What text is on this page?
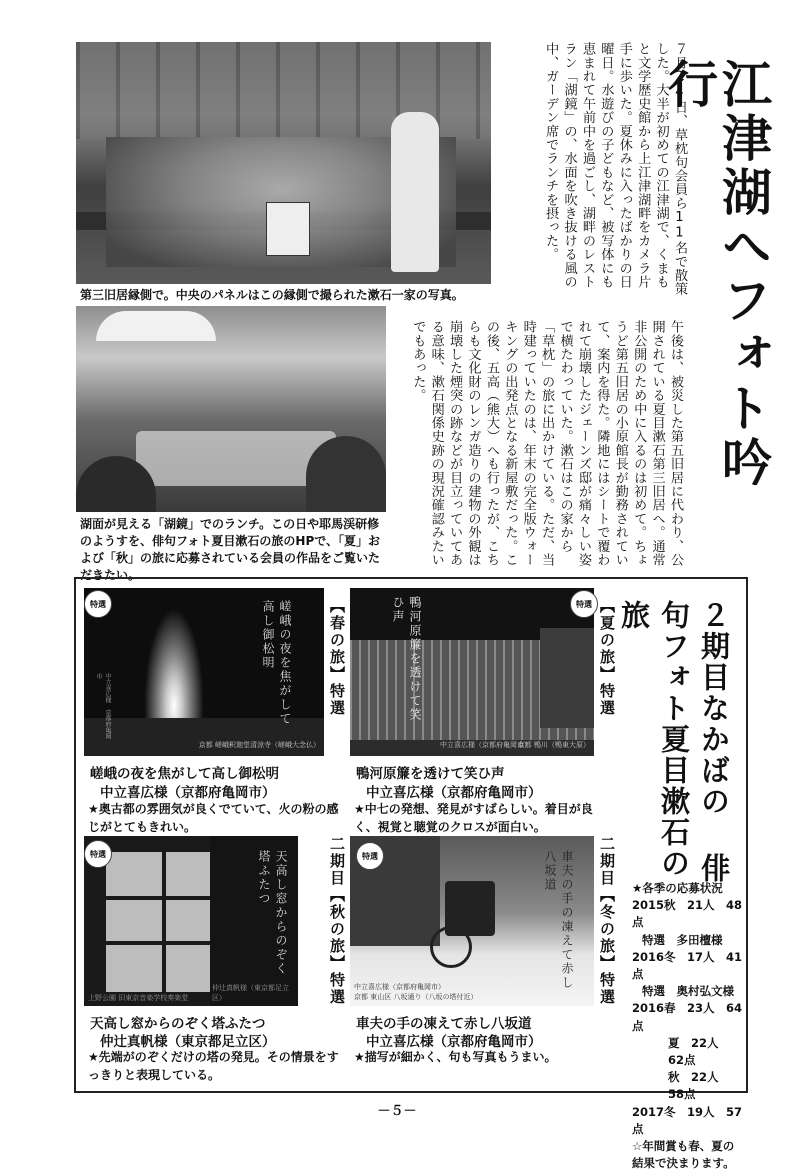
第三旧居縁側で。中央のパネルはこの縁側で撮られた漱石一家の写真。
湖面が見える「湖鏡」でのランチ。この日や耶馬渓研修のようすを、俳句フォト夏目漱石の旅のHPで、「夏」および「秋」の旅に応募されている会員の作品をご覧いただきたい。
江津湖へフォト吟行
７月24日、草枕句会員ら11名で散策した。大半が初めての江津湖で、くまもと文学歴史館から上江津湖畔をカメラ片手に歩いた。夏休みに入ったばかりの日曜日。水遊びの子どもなど、被写体にも恵まれて午前中を過ごし、湖畔のレストラン「湖鏡」の、水面を吹き抜ける風の中、ガーデン席でランチを摂った。
午後は、被災した第五旧居に代わり、公開されている夏目漱石第三旧居へ。通常非公開のため中に入るのは初めて。ちょうど第五旧居の小原館長が勤務されていて、案内を得た。隣地にはシートで覆われて崩壊したジェーンズ邸が痛々しい姿で横たわっていた。漱石はこの家から「草枕」の旅に出かけている。ただ、当時建っていたのは、年末の完全版ウォーキングの出発点となる新屋敷だった。この後、五高（熊大）へも行ったが、こちらも文化財のレンガ造りの建物の外観は崩壊した煙突の跡などが目立っていてある意味、漱石関係史跡の現況確認みたいでもあった。
２期目なかばの 俳句フォト夏目漱石の旅
嵯峨の夜を焦がして高し御松明
京都 嵯峨釈迦堂清涼寺（嵯峨大念仏）
中立喜広様　京都府亀岡市
特選	【春の旅】特選
嵯峨の夜を焦がして高し御松明
中立喜広様（京都府亀岡市）
★奥古都の雰囲気が良くでていて、火の粉の感じがとてもきれい。
鴨河原簾を透けて笑ひ声
中立喜広様（京都府亀岡市）
京都 鴨川（鴨東大原）
特選 【夏の旅】特選
鴨河原簾を透けて笑ひ声
中立喜広様（京都府亀岡市）
★中七の発想、発見がすばらしい。着目が良く、視覚と聴覚のクロスが面白い。
上野公園 旧東京音楽学校奏楽堂
天高し窓からのぞく塔ふたつ
仲辻真帆様（東京都足立区）
特選	二期目【秋の旅】特選
天高し窓からのぞく塔ふたつ
仲辻真帆様（東京都足立区）
★先端がのぞくだけの塔の発見。その情景をすっきりと表現している。
車夫の手の凍えて赤し八坂道
中立喜広様（京都府亀岡市）
京都 東山区 八坂通り（八坂の塔付近）
特選	二期目【冬の旅】特選
車夫の手の凍えて赤し八坂道
中立喜広様（京都府亀岡市）
★描写が細かく、句も写真もうまい。
★各季の応募状況
2015秋　21人　48点
特選　多田檀様
2016冬　17人　41点
特選　奥村弘文様
2016春　23人　64点
夏　22人　62点
秋　22人　58点
2017冬　19人　57点
☆年間賞も春、夏の結果で決まります。
－５－
